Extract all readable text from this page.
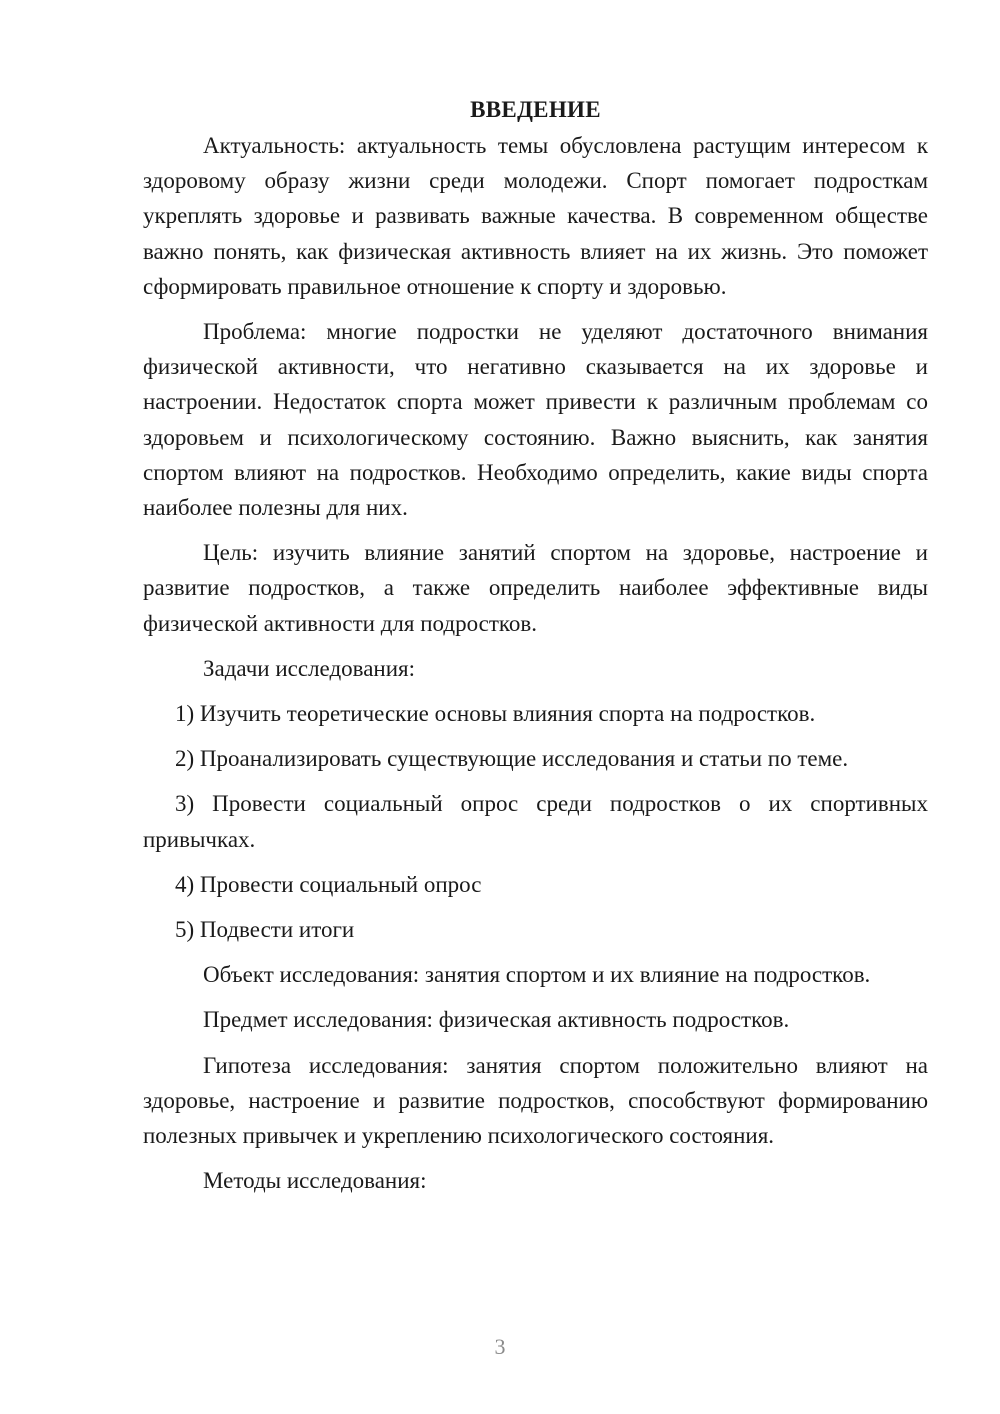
ВВЕДЕНИЕ

Актуальность: актуальность темы обусловлена растущим интересом к здоровому образу жизни среди молодежи. Спорт помогает подросткам укреплять здоровье и развивать важные качества. В современном обществе важно понять, как физическая активность влияет на их жизнь. Это поможет сформировать правильное отношение к спорту и здоровью.

Проблема: многие подростки не уделяют достаточного внимания физической активности, что негативно сказывается на их здоровье и настроении. Недостаток спорта может привести к различным проблемам со здоровьем и психологическому состоянию. Важно выяснить, как занятия спортом влияют на подростков. Необходимо определить, какие виды спорта наиболее полезны для них.

Цель: изучить влияние занятий спортом на здоровье, настроение и развитие подростков, а также определить наиболее эффективные виды физической активности для подростков.

Задачи исследования:

1) Изучить теоретические основы влияния спорта на подростков.

2) Проанализировать существующие исследования и статьи по теме.

3) Провести социальный опрос среди подростков о их спортивных привычках.

4) Провести социальный опрос

5) Подвести итоги

Объект исследования: занятия спортом и их влияние на подростков.

Предмет исследования: физическая активность подростков.

Гипотеза исследования: занятия спортом положительно влияют на здоровье, настроение и развитие подростков, способствуют формированию полезных привычек и укреплению психологического состояния.

Методы исследования:

3
